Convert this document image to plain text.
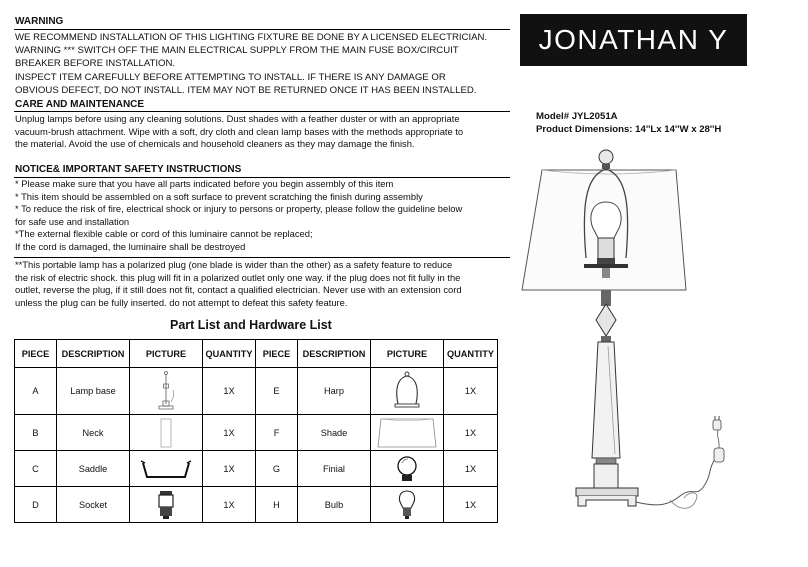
WARNING
WE RECOMMEND INSTALLATION OF THIS LIGHTING FIXTURE BE DONE BY A LICENSED ELECTRICIAN.
WARNING *** SWITCH OFF THE MAIN ELECTRICAL SUPPLY FROM THE MAIN FUSE BOX/CIRCUIT
BREAKER BEFORE INSTALLATION.
INSPECT ITEM CAREFULLY BEFORE ATTEMPTING TO INSTALL. IF THERE IS ANY DAMAGE OR
OBVIOUS DEFECT, DO NOT INSTALL. ITEM MAY NOT BE RETURNED ONCE IT HAS BEEN INSTALLED.
CARE AND MAINTENANCE
Unplug lamps before using any cleaning solutions. Dust shades with a feather duster or with an appropriate
vacuum-brush attachment. Wipe with a soft, dry cloth and clean lamp bases with the methods appropriate to
the material. Avoid the use of chemicals and household cleaners as they may damage the finish.
NOTICE& IMPORTANT SAFETY INSTRUCTIONS
* Please make sure that you have all parts indicated before you begin assembly of this item
* This item should be assembled on a soft surface to prevent scratching the finish during assembly
* To reduce the risk of fire, electrical shock or injury to persons or property, please follow the guideline below
for safe use and installation
*The external flexible cable or cord of this luminaire cannot be replaced;
If the cord is damaged, the luminaire shall be destroyed
**This portable lamp has a polarized plug (one blade is wider than the other) as a safety feature to reduce
the risk of electric shock. this plug will fit in a polarized outlet only one way. if the plug does not fit fully in the
outlet, reverse the plug, if it still does not fit, contact a qualified electrician. Never use with an extension cord
unless the plug can be fully inserted. do not attempt to defeat this safety feature.
Part List and Hardware List
PIECE	DESCRIPTION	PICTURE	QUANTITY	PIECE	DESCRIPTION	PICTURE	QUANTITY
A	Lamp base		1X	E	Harp		1X
B	Neck		1X	F	Shade		1X
C	Saddle		1X	G	Finial		1X
D	Socket		1X	H	Bulb		1X
JONATHAN Y
Model# JYL2051A
Product Dimensions: 14''Lx 14''W x 28''H
